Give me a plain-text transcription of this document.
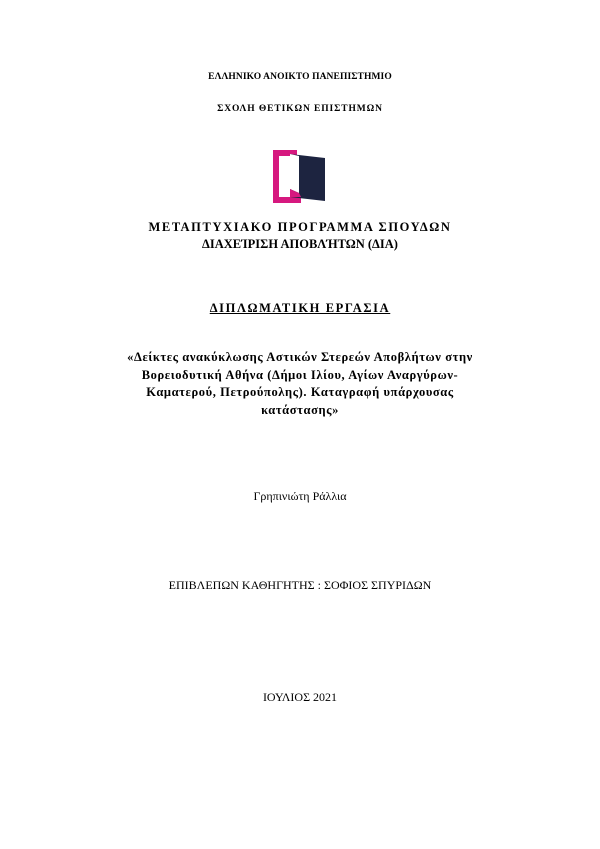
ΕΛΛΗΝΙΚΟ ΑΝΟΙΚΤΟ ΠΑΝΕΠΙΣΤΗΜΙΟ
ΣΧΟΛΗ ΘΕΤΙΚΩΝ ΕΠΙΣΤΗΜΩΝ
ΜΕΤΑΠΤΥΧΙΑΚΟ ΠΡΟΓΡΑΜΜΑ ΣΠΟΥΔΩΝ
ΔΙΑΧΕΊΡΙΣΗ ΑΠΟΒΛΉΤΩΝ (ΔΙΑ)
ΔΙΠΛΩΜΑΤΙΚΗ ΕΡΓΑΣΙΑ
«Δείκτες ανακύκλωσης Αστικών Στερεών Αποβλήτων στην
Βορειοδυτική Αθήνα (Δήμοι Ιλίου, Αγίων Αναργύρων-
Καματερού, Πετρούπολης). Καταγραφή υπάρχουσας
κατάστασης»
Γρηπινιώτη Ράλλια
ΕΠΙΒΛΕΠΩΝ ΚΑΘΗΓΗΤΗΣ : ΣΟΦΙΟΣ ΣΠΥΡΙΔΩΝ
ΙΟΥΛΙΟΣ 2021
